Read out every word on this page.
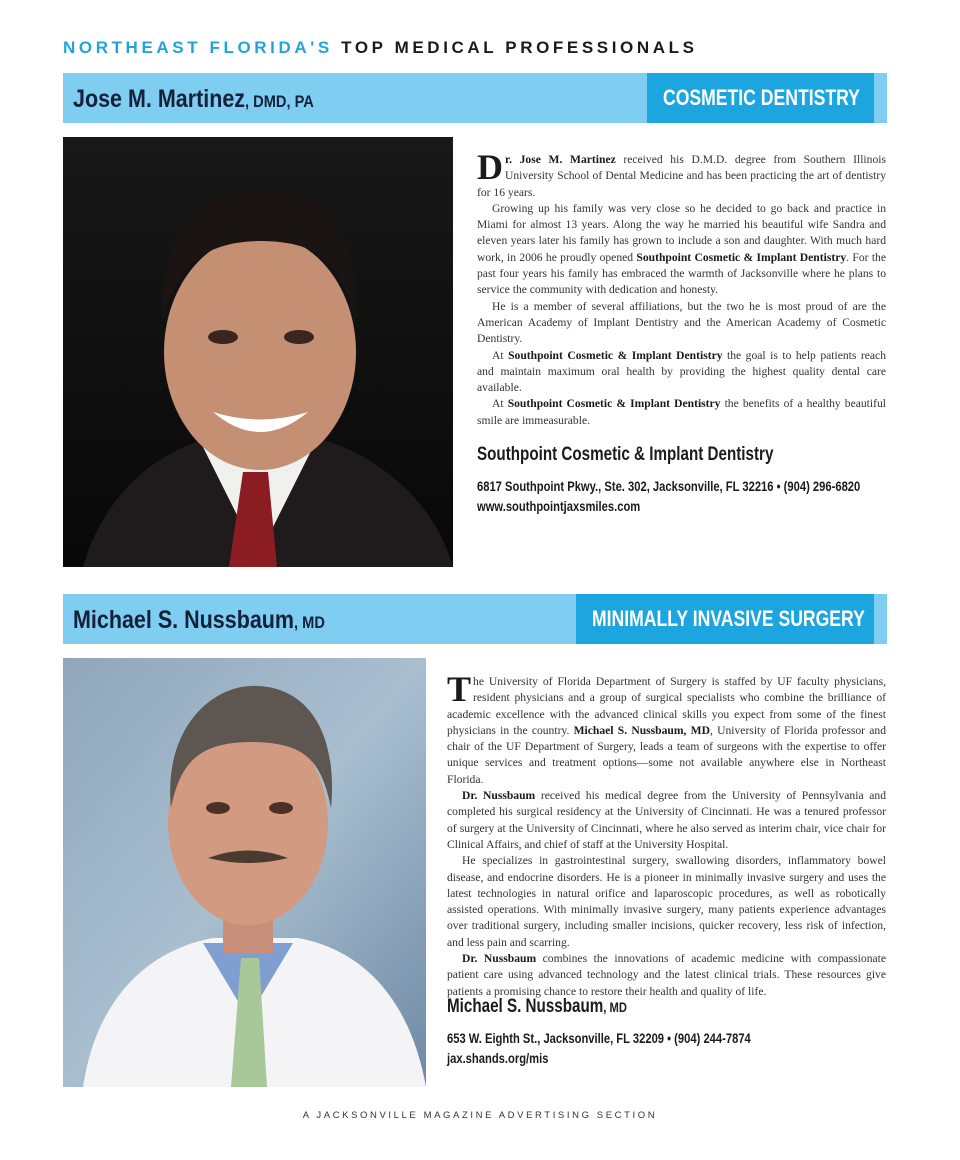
NORTHEAST FLORIDA'S TOP MEDICAL PROFESSIONALS
Jose M. Martinez, DMD, PA	COSMETIC DENTISTRY

Dr. Jose M. Martinez received his D.M.D. degree from Southern Illinois University School of Dental Medicine and has been practicing the art of dentistry for 16 years.

Growing up his family was very close so he decided to go back and practice in Miami for almost 13 years. Along the way he married his beautiful wife Sandra and eleven years later his family has grown to include a son and daughter. With much hard work, in 2006 he proudly opened Southpoint Cosmetic & Implant Dentistry. For the past four years his family has embraced the warmth of Jacksonville where he plans to service the community with dedication and honesty.

He is a member of several affiliations, but the two he is most proud of are the American Academy of Implant Dentistry and the American Academy of Cosmetic Dentistry.

At Southpoint Cosmetic & Implant Dentistry the goal is to help patients reach and maintain maximum oral health by providing the highest quality dental care available.

At Southpoint Cosmetic & Implant Dentistry the benefits of a healthy beautiful smile are immeasurable.

Southpoint Cosmetic & Implant Dentistry
6817 Southpoint Pkwy., Ste. 302, Jacksonville, FL 32216 • (904) 296-6820
www.southpointjaxsmiles.com
Michael S. Nussbaum, MD	MINIMALLY INVASIVE SURGERY

The University of Florida Department of Surgery is staffed by UF faculty physicians, resident physicians and a group of surgical specialists who combine the brilliance of academic excellence with the advanced clinical skills you expect from some of the finest physicians in the country. Michael S. Nussbaum, MD, University of Florida professor and chair of the UF Department of Surgery, leads a team of surgeons with the expertise to offer unique services and treatment options—some not available anywhere else in Northeast Florida.

Dr. Nussbaum received his medical degree from the University of Pennsylvania and completed his surgical residency at the University of Cincinnati. He was a tenured professor of surgery at the University of Cincinnati, where he also served as interim chair, vice chair for Clinical Affairs, and chief of staff at the University Hospital.

He specializes in gastrointestinal surgery, swallowing disorders, inflammatory bowel disease, and endocrine disorders. He is a pioneer in minimally invasive surgery and uses the latest technologies in natural orifice and laparoscopic procedures, as well as robotically assisted operations. With minimally invasive surgery, many patients experience advantages over traditional surgery, including smaller incisions, quicker recovery, less risk of infection, and less pain and scarring.

Dr. Nussbaum combines the innovations of academic medicine with compassionate patient care using advanced technology and the latest clinical trials. These resources give patients a promising chance to restore their health and quality of life.

Michael S. Nussbaum, MD
653 W. Eighth St., Jacksonville, FL 32209 • (904) 244-7874
jax.shands.org/mis
A JACKSONVILLE MAGAZINE ADVERTISING SECTION
